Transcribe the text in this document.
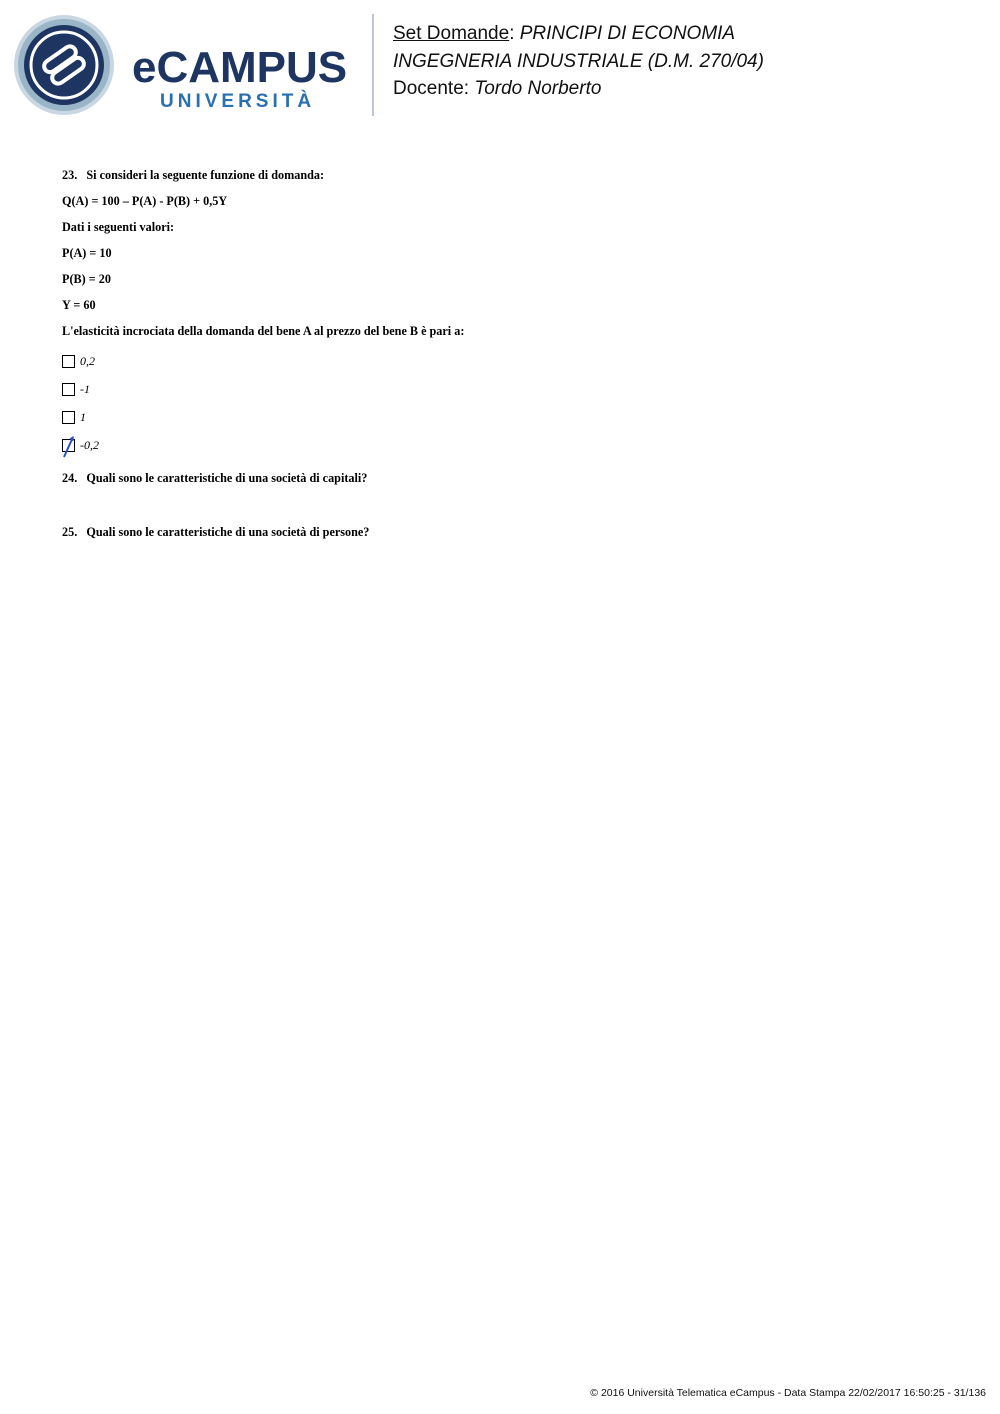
eCAMPUS
UNIVERSITÀ
Set Domande: PRINCIPI DI ECONOMIA
INGEGNERIA INDUSTRIALE (D.M. 270/04)
Docente: Tordo Norberto
23.   Si consideri la seguente funzione di domanda:
Q(A) = 100 – P(A) - P(B) + 0,5Y
Dati i seguenti valori:
P(A) = 10
P(B) = 20
Y = 60
L'elasticità incrociata della domanda del bene A al prezzo del bene B è pari a:
0,2
-1
1
-0,2
24.   Quali sono le caratteristiche di una società di capitali?
25.   Quali sono le caratteristiche di una società di persone?
© 2016 Università Telematica eCampus - Data Stampa 22/02/2017 16:50:25 - 31/136
